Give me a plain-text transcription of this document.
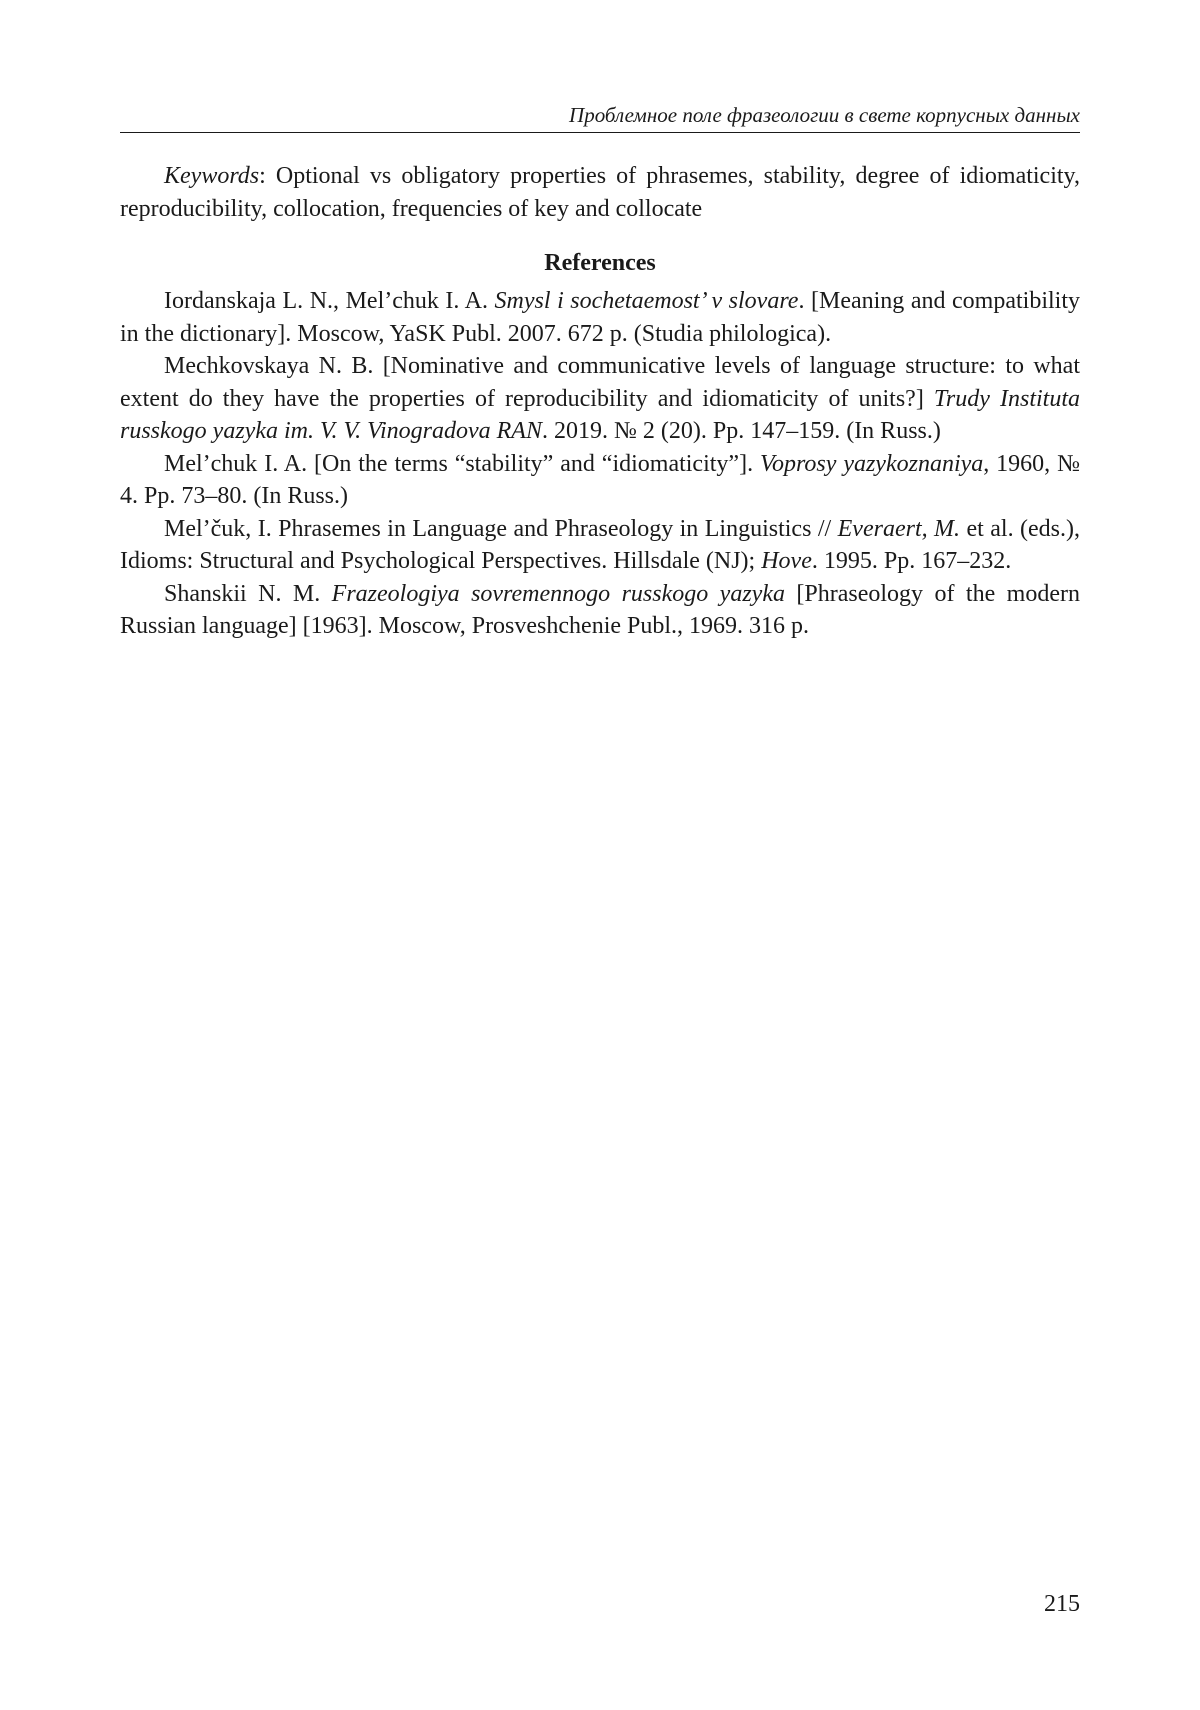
Проблемное поле фразеологии в свете корпусных данных

Keywords: Optional vs obligatory properties of phrasemes, stability, degree of idiomaticity, reproducibility, collocation, frequencies of key and collocate

References

Iordanskaja L. N., Mel’chuk I. A. Smysl i sochetaemost’ v slovare. [Meaning and compatibility in the dictionary]. Moscow, YaSK Publ. 2007. 672 p. (Studia philologica).

Mechkovskaya N. B. [Nominative and communicative levels of language structure: to what extent do they have the properties of reproducibility and idiomaticity of units?] Trudy Instituta russkogo yazyka im. V. V. Vinogradova RAN. 2019. № 2 (20). Pp. 147–159. (In Russ.)

Mel’chuk I. A. [On the terms “stability” and “idiomaticity”]. Voprosy yazykoznaniya, 1960, № 4. Pp. 73–80. (In Russ.)

Mel’čuk, I. Phrasemes in Language and Phraseology in Linguistics // Everaert, M. et al. (eds.), Idioms: Structural and Psychological Perspectives. Hillsdale (NJ); Hove. 1995. Pp. 167–232.

Shanskii N. M. Frazeologiya sovremennogo russkogo yazyka [Phraseology of the modern Russian language] [1963]. Moscow, Prosveshchenie Publ., 1969. 316 p.

215
